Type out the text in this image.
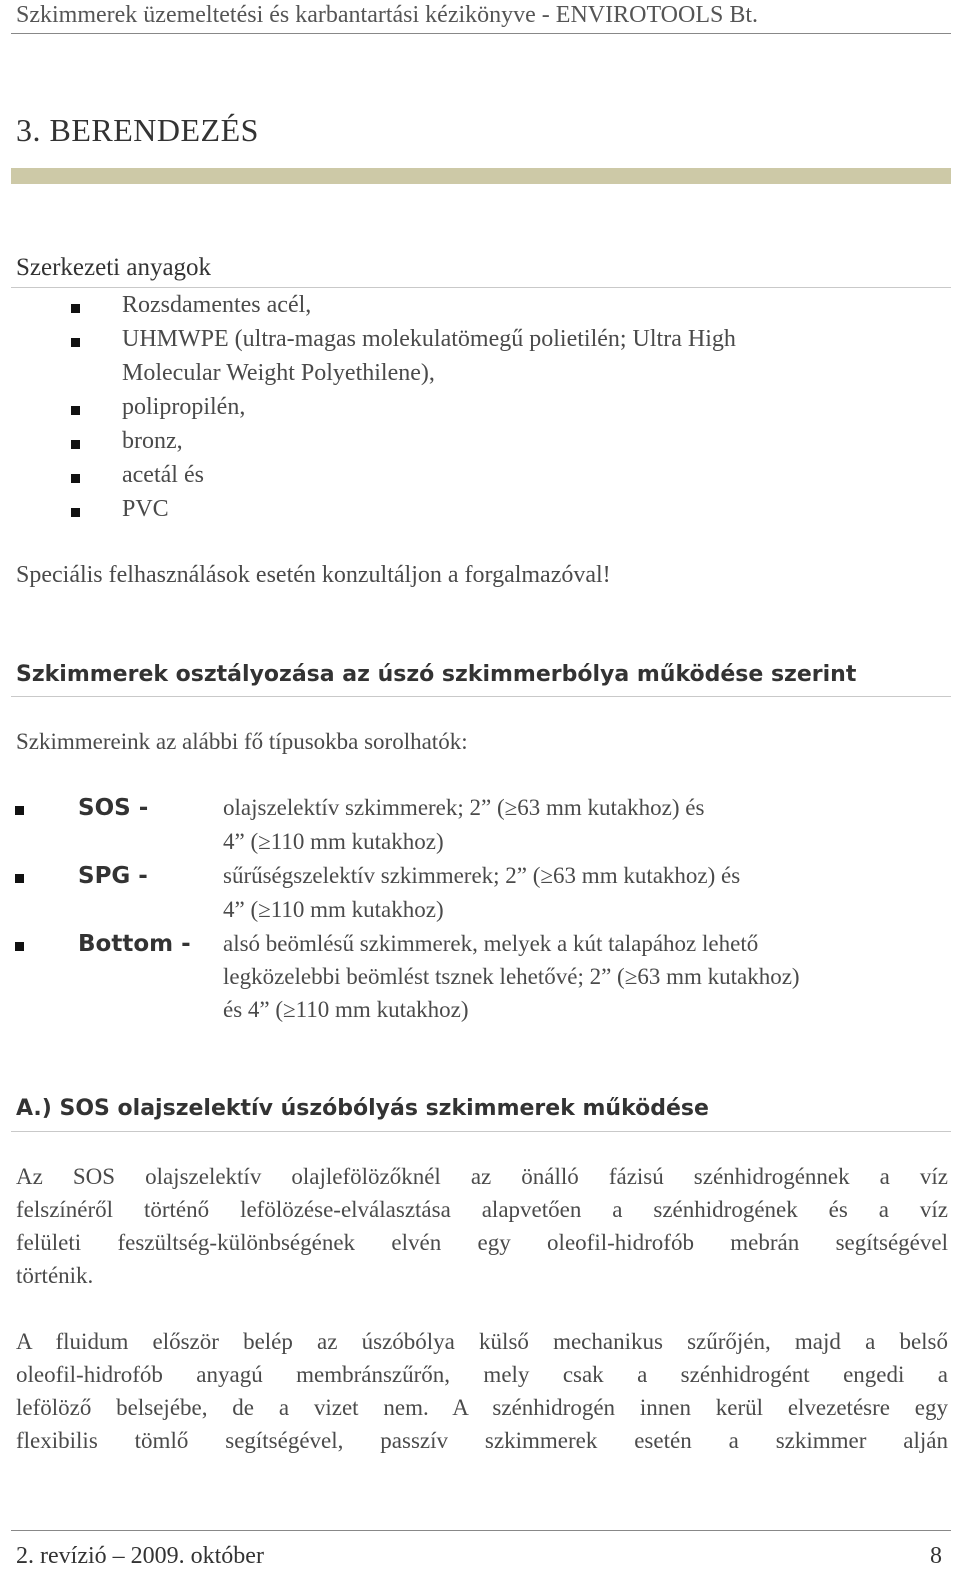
Szkimmerek üzemeltetési és karbantartási kézikönyve - ENVIROTOOLS Bt.
3. BERENDEZÉS
Szerkezeti anyagok
Rozsdamentes acél,
UHMWPE (ultra-magas molekulatömegű polietilén; Ultra High
Molecular Weight Polyethilene),
polipropilén,
bronz,
acetál és
PVC
Speciális felhasználások esetén konzultáljon a forgalmazóval!
Szkimmerek osztályozása az úszó szkimmerbólya működése szerint
Szkimmereink az alábbi fő típusokba sorolhatók:
SOS -	olajszelektív szkimmerek; 2” (≥63 mm kutakhoz) és
4” (≥110 mm kutakhoz)
SPG -	sűrűségszelektív szkimmerek; 2” (≥63 mm kutakhoz) és
4” (≥110 mm kutakhoz)
Bottom - alsó beömlésű szkimmerek, melyek a kút talapához lehető
legközelebbi beömlést tsznek lehetővé; 2” (≥63 mm kutakhoz)
és 4” (≥110 mm kutakhoz)
A.) SOS olajszelektív úszóbólyás szkimmerek működése
Az SOS olajszelektív olajlefölözőknél az önálló fázisú szénhidrogénnek a víz
felszínéről történő lefölözése-elválasztása alapvetően a szénhidrogének és a víz
felületi feszültség-különbségének elvén egy oleofil-hidrofób mebrán segítségével
történik.
A fluidum először belép az úszóbólya külső mechanikus szűrőjén, majd a belső
oleofil-hidrofób anyagú membránszűrőn, mely csak a szénhidrogént engedi a
lefölöző belsejébe, de a vizet nem. A szénhidrogén innen kerül elvezetésre egy
flexibilis tömlő segítségével, passzív szkimmerek esetén a szkimmer alján
2. revízió – 2009. október	8
